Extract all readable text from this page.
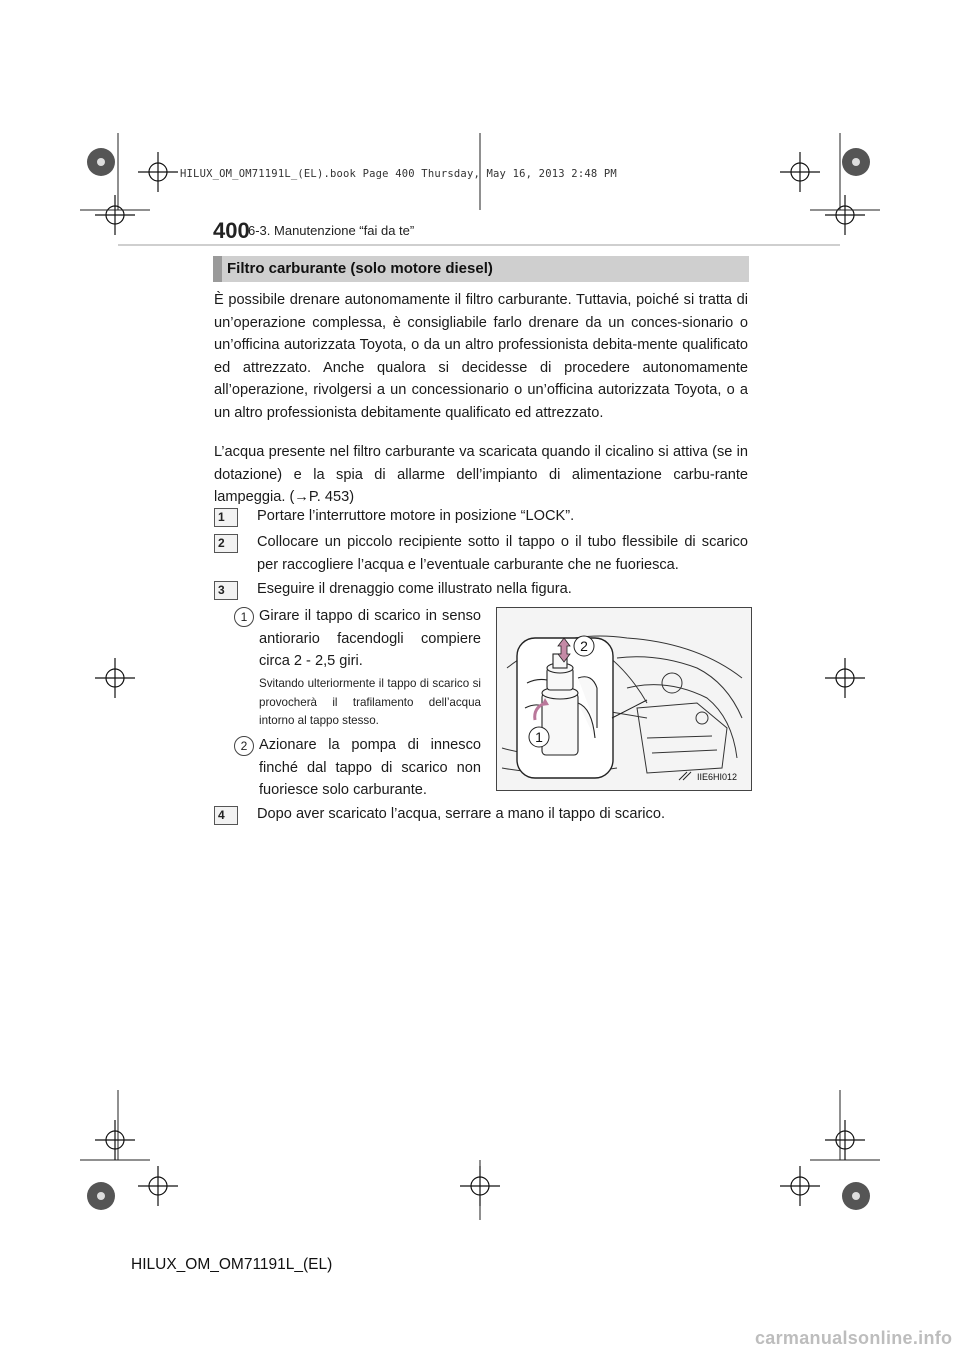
HILUX_OM_OM71191L_(EL).book Page 400 Thursday, May 16, 2013 2:48 PM
400
6-3. Manutenzione “fai da te”
Filtro carburante (solo motore diesel)
È possibile drenare autonomamente il filtro carburante. Tuttavia, poiché si tratta di un’operazione complessa, è consigliabile farlo drenare da un conces-sionario o un’officina autorizzata Toyota, o da un altro professionista debita-mente qualificato ed attrezzato. Anche qualora si decidesse di procedere autonomamente all’operazione, rivolgersi a un concessionario o un’officina autorizzata Toyota, o a un altro professionista debitamente qualificato ed attrezzato.
L’acqua presente nel filtro carburante va scaricata quando il cicalino si attiva (se in dotazione) e la spia di allarme dell’impianto di alimentazione carbu-rante lampeggia. (→P. 453)
1 Portare l’interruttore motore in posizione “LOCK”.
2 Collocare un piccolo recipiente sotto il tappo o il tubo flessibile di scarico per raccogliere l’acqua e l’eventuale carburante che ne fuoriesca.
3 Eseguire il drenaggio come illustrato nella figura.
1 Girare il tappo di scarico in senso antiorario facendogli compiere circa 2 - 2,5 giri.
Svitando ulteriormente il tappo di scarico si provocherà il trafilamento dell’acqua intorno al tappo stesso.
2 Azionare la pompa di innesco finché dal tappo di scarico non fuoriesce solo carburante.
2
1
IIE6HI012
4 Dopo aver scaricato l’acqua, serrare a mano il tappo di scarico.
HILUX_OM_OM71191L_(EL)
carmanualsonline.info
